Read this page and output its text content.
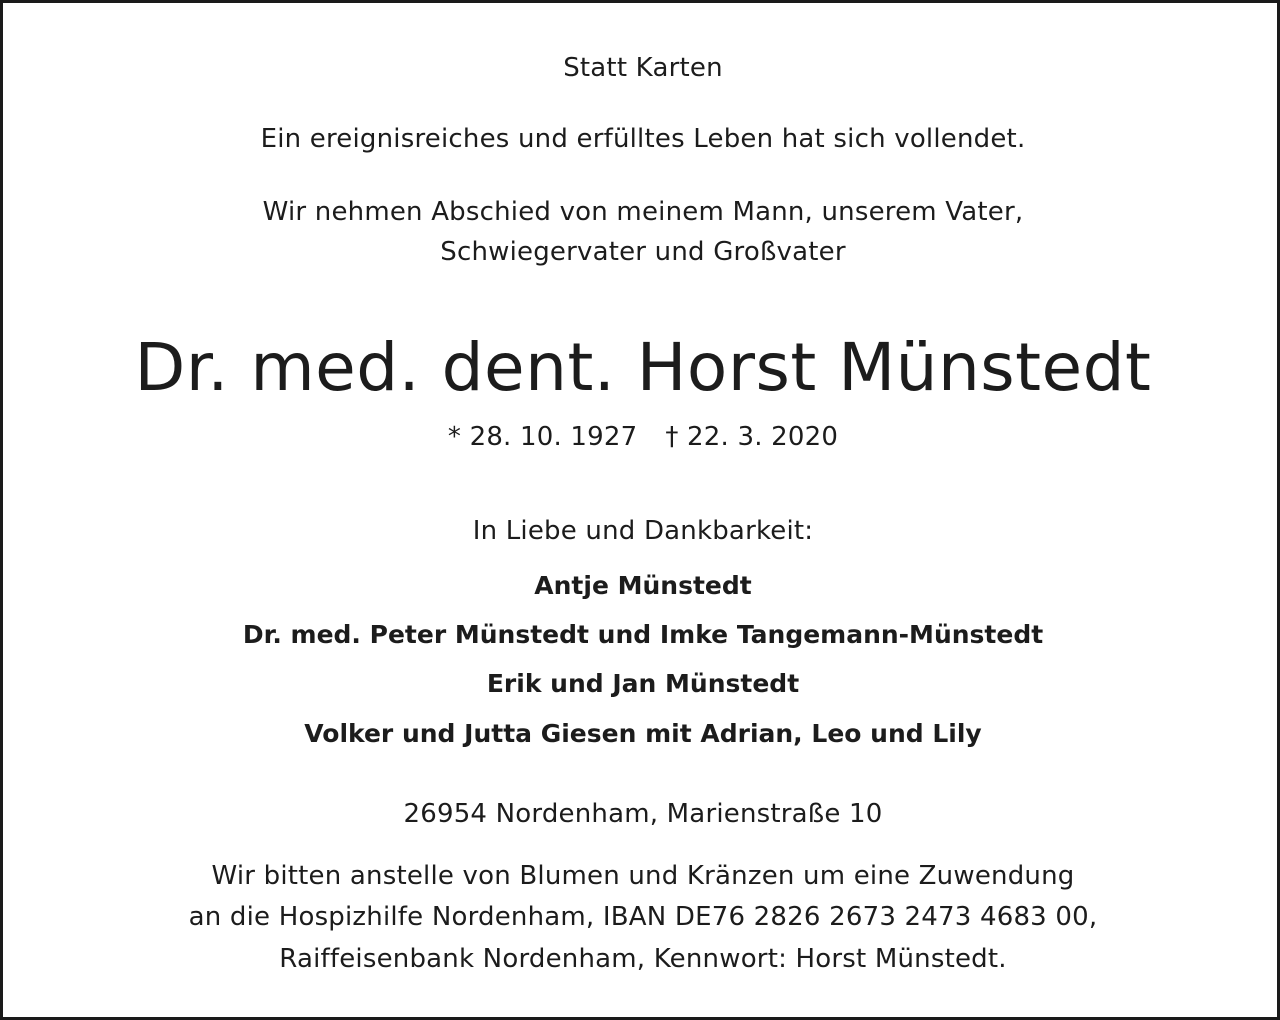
Statt Karten

Ein ereignisreiches und erfülltes Leben hat sich vollendet.

Wir nehmen Abschied von meinem Mann, unserem Vater,

Schwiegervater und Großvater

Dr. med. dent. Horst Münstedt

* 28. 10. 1927 † 22. 3. 2020

In Liebe und Dankbarkeit:

Antje Münstedt

Dr. med. Peter Münstedt und Imke Tangemann-Münstedt

Erik und Jan Münstedt

Volker und Jutta Giesen mit Adrian, Leo und Lily

26954 Nordenham, Marienstraße 10

Wir bitten anstelle von Blumen und Kränzen um eine Zuwendung

an die Hospizhilfe Nordenham, IBAN DE76 2826 2673 2473 4683 00,

Raiffeisenbank Nordenham, Kennwort: Horst Münstedt.
